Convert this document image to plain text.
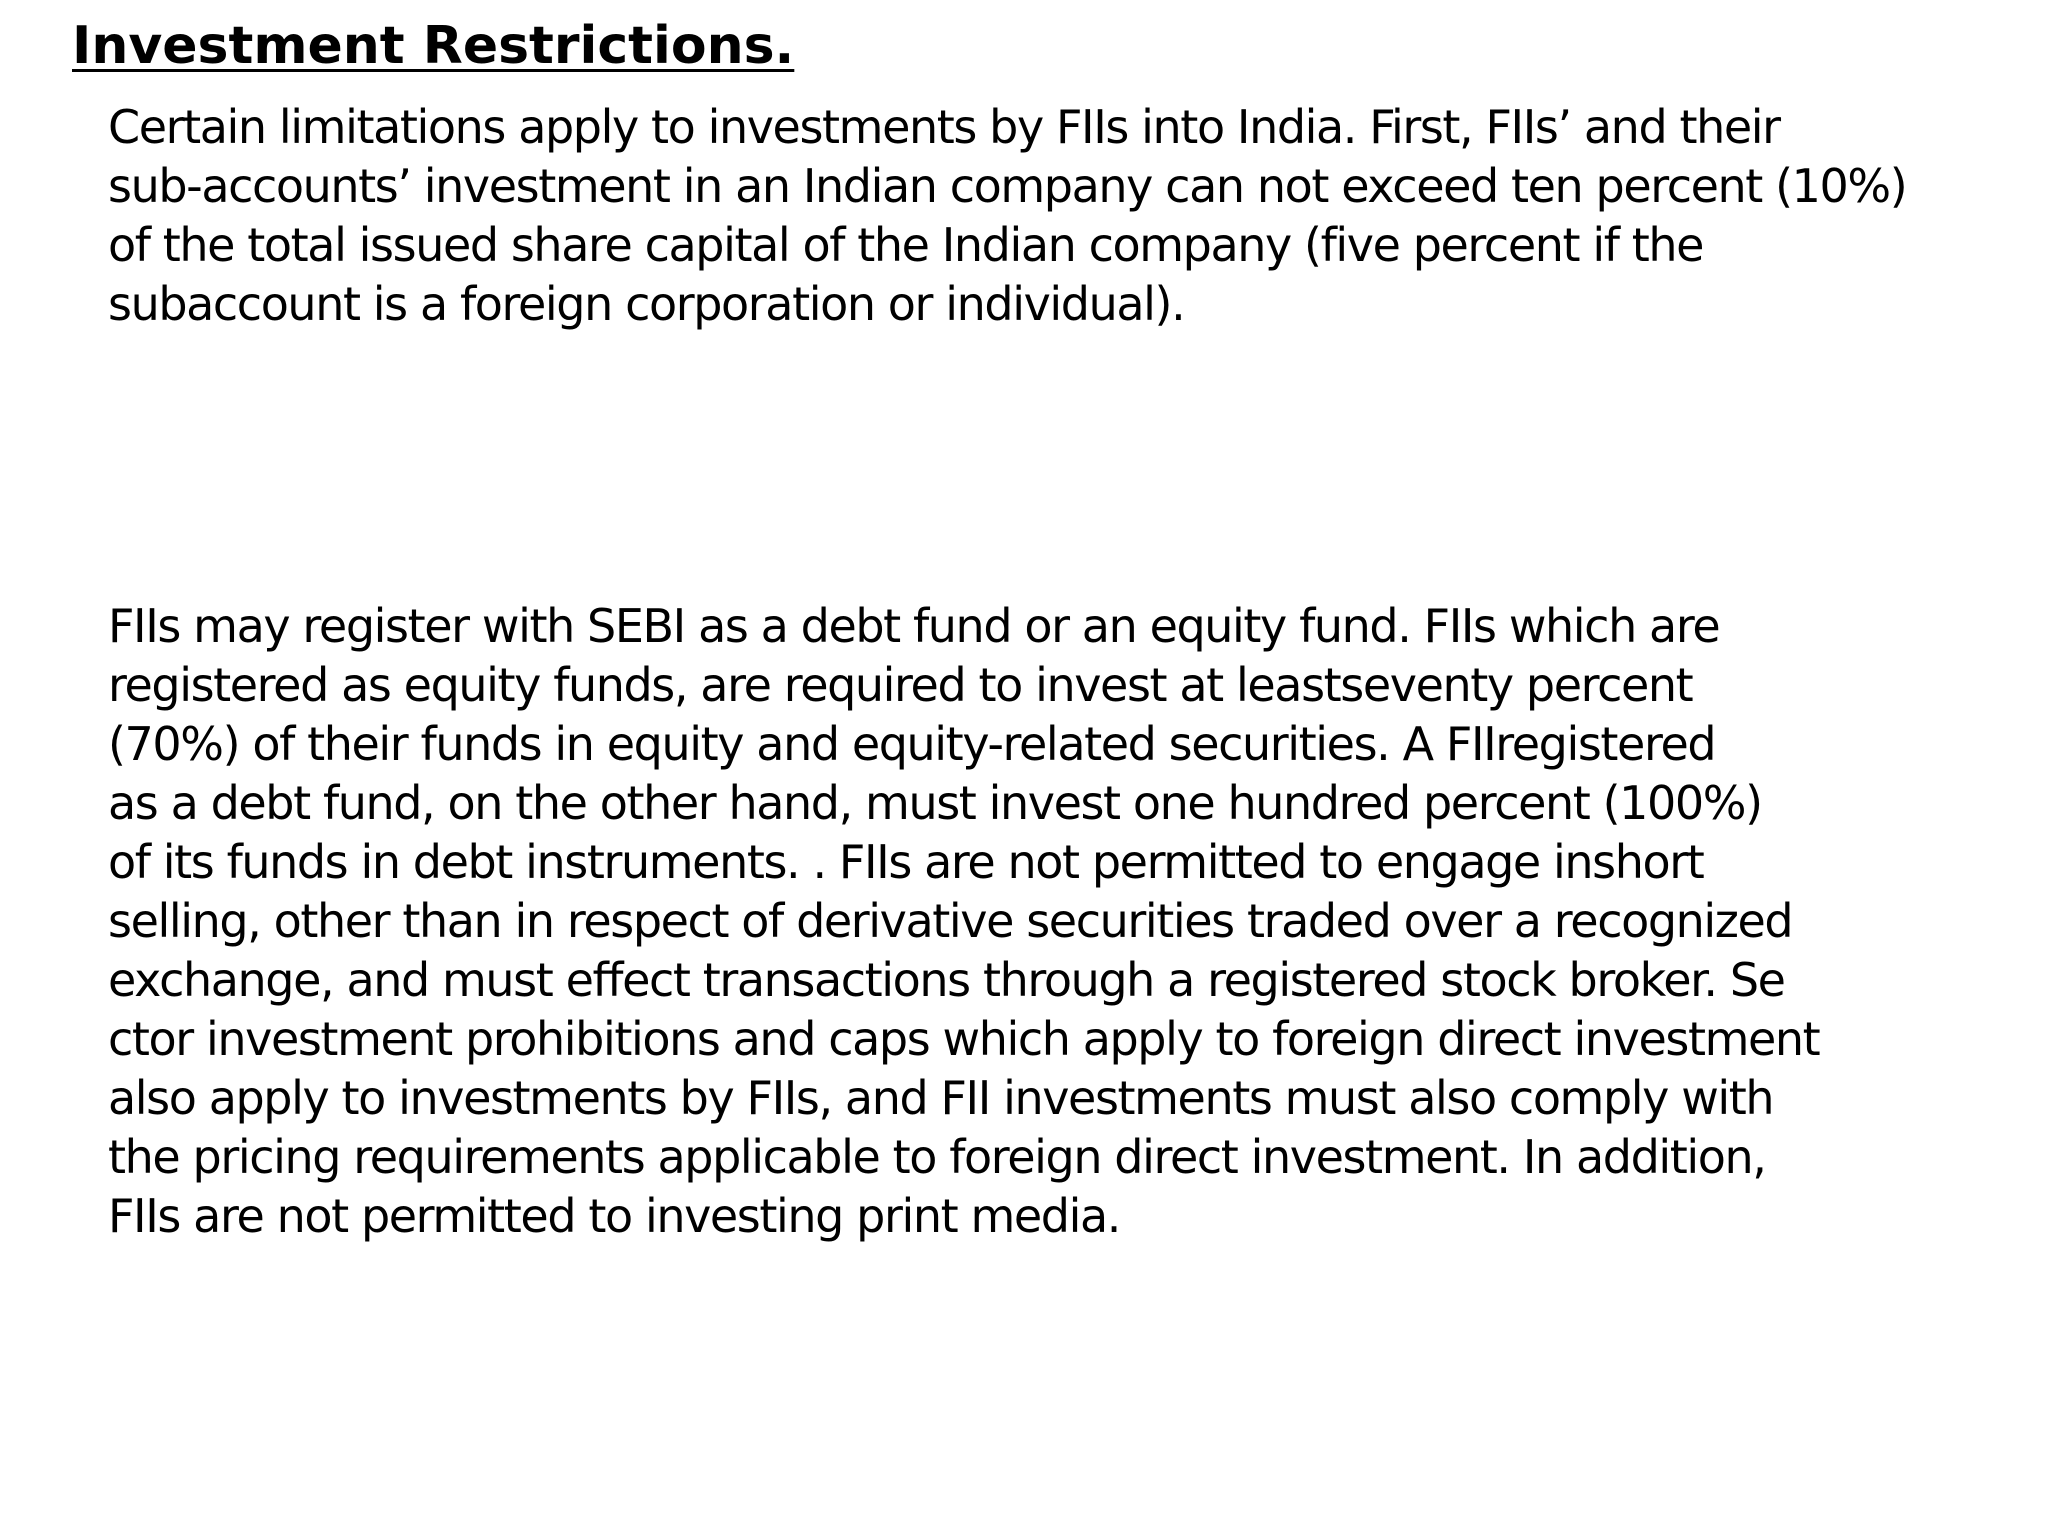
Investment Restrictions.

Certain limitations apply to investments by FIIs into India. First, FIIs’ and their
sub-accounts’ investment in an Indian company can not exceed ten percent (10%)
of the total issued share capital of the Indian company (five percent if the
subaccount is a foreign corporation or individual).

FIIs may register with SEBI as a debt fund or an equity fund. FIIs which are
registered as equity funds, are required to invest at leastseventy percent
(70%) of their funds in equity and equity-related securities. A FIIregistered
as a debt fund, on the other hand, must invest one hundred percent (100%)
of its funds in debt instruments. . FIIs are not permitted to engage inshort
selling, other than in respect of derivative securities traded over a recognized
exchange, and must effect transactions through a registered stock broker. Se
ctor investment prohibitions and caps which apply to foreign direct investment
also apply to investments by FIIs, and FII investments must also comply with
the pricing requirements applicable to foreign direct investment. In addition,
FIIs are not permitted to investing print media.
